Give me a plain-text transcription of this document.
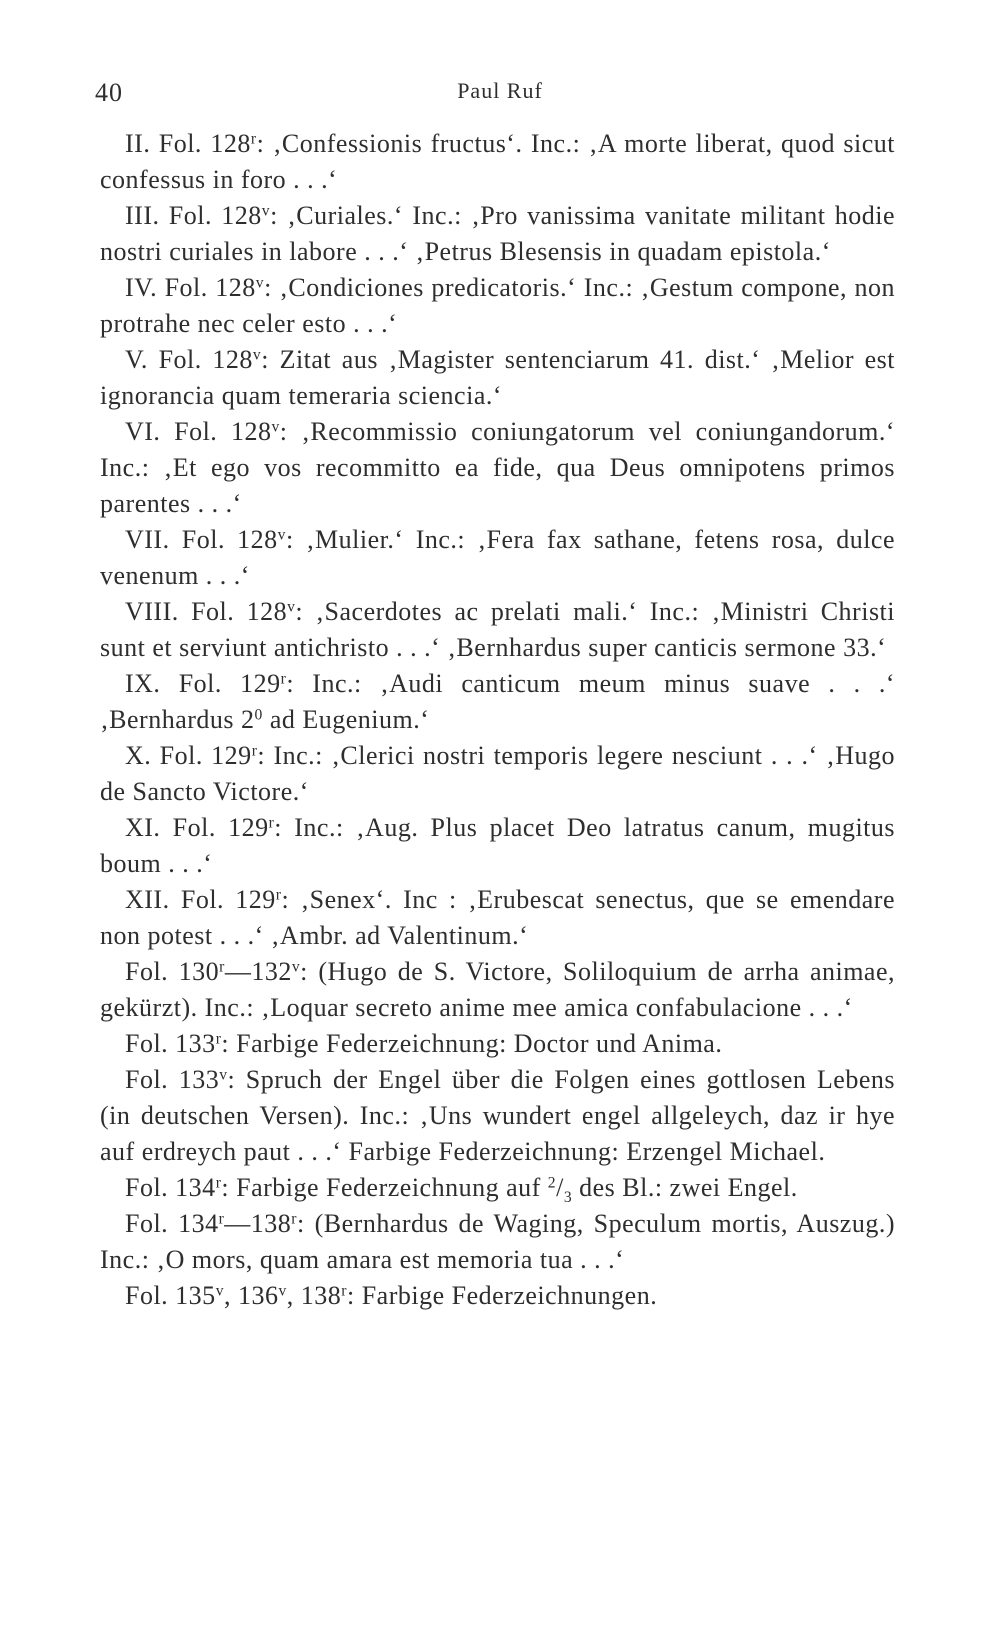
40	Paul Ruf

II. Fol. 128$^r$: ‚Confessionis fructus‘. Inc.: ‚A morte liberat, quod sicut confessus in foro . . .‘

III. Fol. 128$^v$: ‚Curiales.‘ Inc.: ‚Pro vanissima vanitate militant hodie nostri curiales in labore . . .‘ ‚Petrus Blesensis in quadam epistola.‘

IV. Fol. 128$^v$: ‚Condiciones predicatoris.‘ Inc.: ‚Gestum compone, non protrahe nec celer esto . . .‘

V. Fol. 128$^v$: Zitat aus ‚Magister sentenciarum 41. dist.‘ ‚Melior est ignorancia quam temeraria sciencia.‘

VI. Fol. 128$^v$: ‚Recommissio coniungatorum vel coniungandorum.‘ Inc.: ‚Et ego vos recommitto ea fide, qua Deus omnipotens primos parentes . . .‘

VII. Fol. 128$^v$: ‚Mulier.‘ Inc.: ‚Fera fax sathane, fetens rosa, dulce venenum . . .‘

VIII. Fol. 128$^v$: ‚Sacerdotes ac prelati mali.‘ Inc.: ‚Ministri Christi sunt et serviunt antichristo . . .‘ ‚Bernhardus super canticis sermone 33.‘

IX. Fol. 129$^r$: Inc.: ‚Audi canticum meum minus suave . . .‘ ‚Bernhardus $2^0$ ad Eugenium.‘

X. Fol. 129$^r$: Inc.: ‚Clerici nostri temporis legere nesciunt . . .‘ ‚Hugo de Sancto Victore.‘

XI. Fol. 129$^r$: Inc.: ‚Aug. Plus placet Deo latratus canum, mugitus boum . . .‘

XII. Fol. 129$^r$: ‚Senex‘. Inc : ‚Erubescat senectus, que se emendare non potest . . .‘ ‚Ambr. ad Valentinum.‘

Fol. 130$^r$—132$^v$: (Hugo de S. Victore, Soliloquium de arrha animae, gekürzt). Inc.: ‚Loquar secreto anime mee amica confabulacione . . .‘

Fol. 133$^r$: Farbige Federzeichnung: Doctor und Anima.

Fol. 133$^v$: Spruch der Engel über die Folgen eines gottlosen Lebens (in deutschen Versen). Inc.: ‚Uns wundert engel allgeleych, daz ir hye auf erdreych paut . . .‘ Farbige Federzeichnung: Erzengel Michael.

Fol. 134$^r$: Farbige Federzeichnung auf $^2/_3$ des Bl.: zwei Engel.

Fol. 134$^r$—138$^r$: (Bernhardus de Waging, Speculum mortis, Auszug.) Inc.: ‚O mors, quam amara est memoria tua . . .‘

Fol. 135$^v$, 136$^v$, 138$^r$: Farbige Federzeichnungen.
